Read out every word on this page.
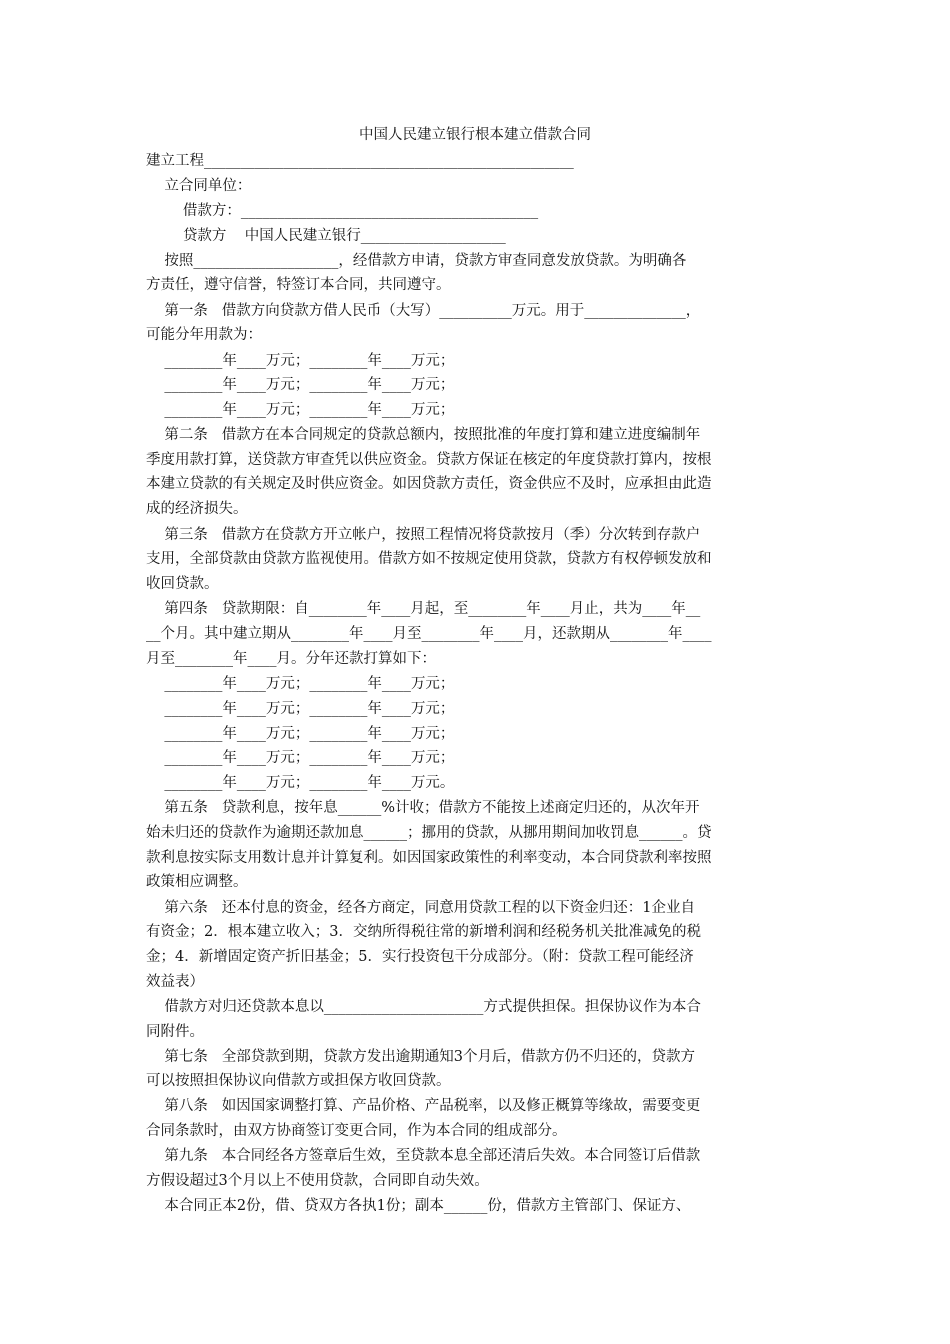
中国人民建立银行根本建立借款合同
建立工程___________________________________________________
立合同单位：
借款方：_________________________________________
贷款方    中国人民建立银行____________________
按照____________________，经借款方申请，贷款方审查同意发放贷款。为明确各
方责任，遵守信誉，特签订本合同，共同遵守。
第一条   借款方向贷款方借人民币（大写）__________万元。用于______________，
可能分年用款为：
________年____万元；________年____万元；
________年____万元；________年____万元；
________年____万元；________年____万元；
第二条   借款方在本合同规定的贷款总额内，按照批准的年度打算和建立进度编制年
季度用款打算，送贷款方审查凭以供应资金。贷款方保证在核定的年度贷款打算内，按根
本建立贷款的有关规定及时供应资金。如因贷款方责任，资金供应不及时，应承担由此造
成的经济损失。
第三条   借款方在贷款方开立帐户，按照工程情况将贷款按月（季）分次转到存款户
支用，全部贷款由贷款方监视使用。借款方如不按规定使用贷款，贷款方有权停顿发放和
收回贷款。
第四条   贷款期限：自________年____月起，至________年____月止，共为____年__
__个月。其中建立期从________年____月至________年____月，还款期从________年____
月至________年____月。分年还款打算如下：
________年____万元；________年____万元；
________年____万元；________年____万元；
________年____万元；________年____万元；
________年____万元；________年____万元；
________年____万元；________年____万元。
第五条   贷款利息，按年息______%计收；借款方不能按上述商定归还的，从次年开
始未归还的贷款作为逾期还款加息______；挪用的贷款，从挪用期间加收罚息______。贷
款利息按实际支用数计息并计算复利。如因国家政策性的利率变动，本合同贷款利率按照
政策相应调整。
第六条   还本付息的资金，经各方商定，同意用贷款工程的以下资金归还：1企业自
有资金；2．根本建立收入；3．交纳所得税往常的新增利润和经税务机关批准减免的税
金；4．新增固定资产折旧基金；5．实行投资包干分成部分。（附：贷款工程可能经济
效益表）
借款方对归还贷款本息以______________________方式提供担保。担保协议作为本合
同附件。
第七条   全部贷款到期，贷款方发出逾期通知3个月后，借款方仍不归还的，贷款方
可以按照担保协议向借款方或担保方收回贷款。
第八条   如因国家调整打算、产品价格、产品税率，以及修正概算等缘故，需要变更
合同条款时，由双方协商签订变更合同，作为本合同的组成部分。
第九条   本合同经各方签章后生效，至贷款本息全部还清后失效。本合同签订后借款
方假设超过3个月以上不使用贷款，合同即自动失效。
本合同正本2份，借、贷双方各执1份；副本______份，借款方主管部门、保证方、
